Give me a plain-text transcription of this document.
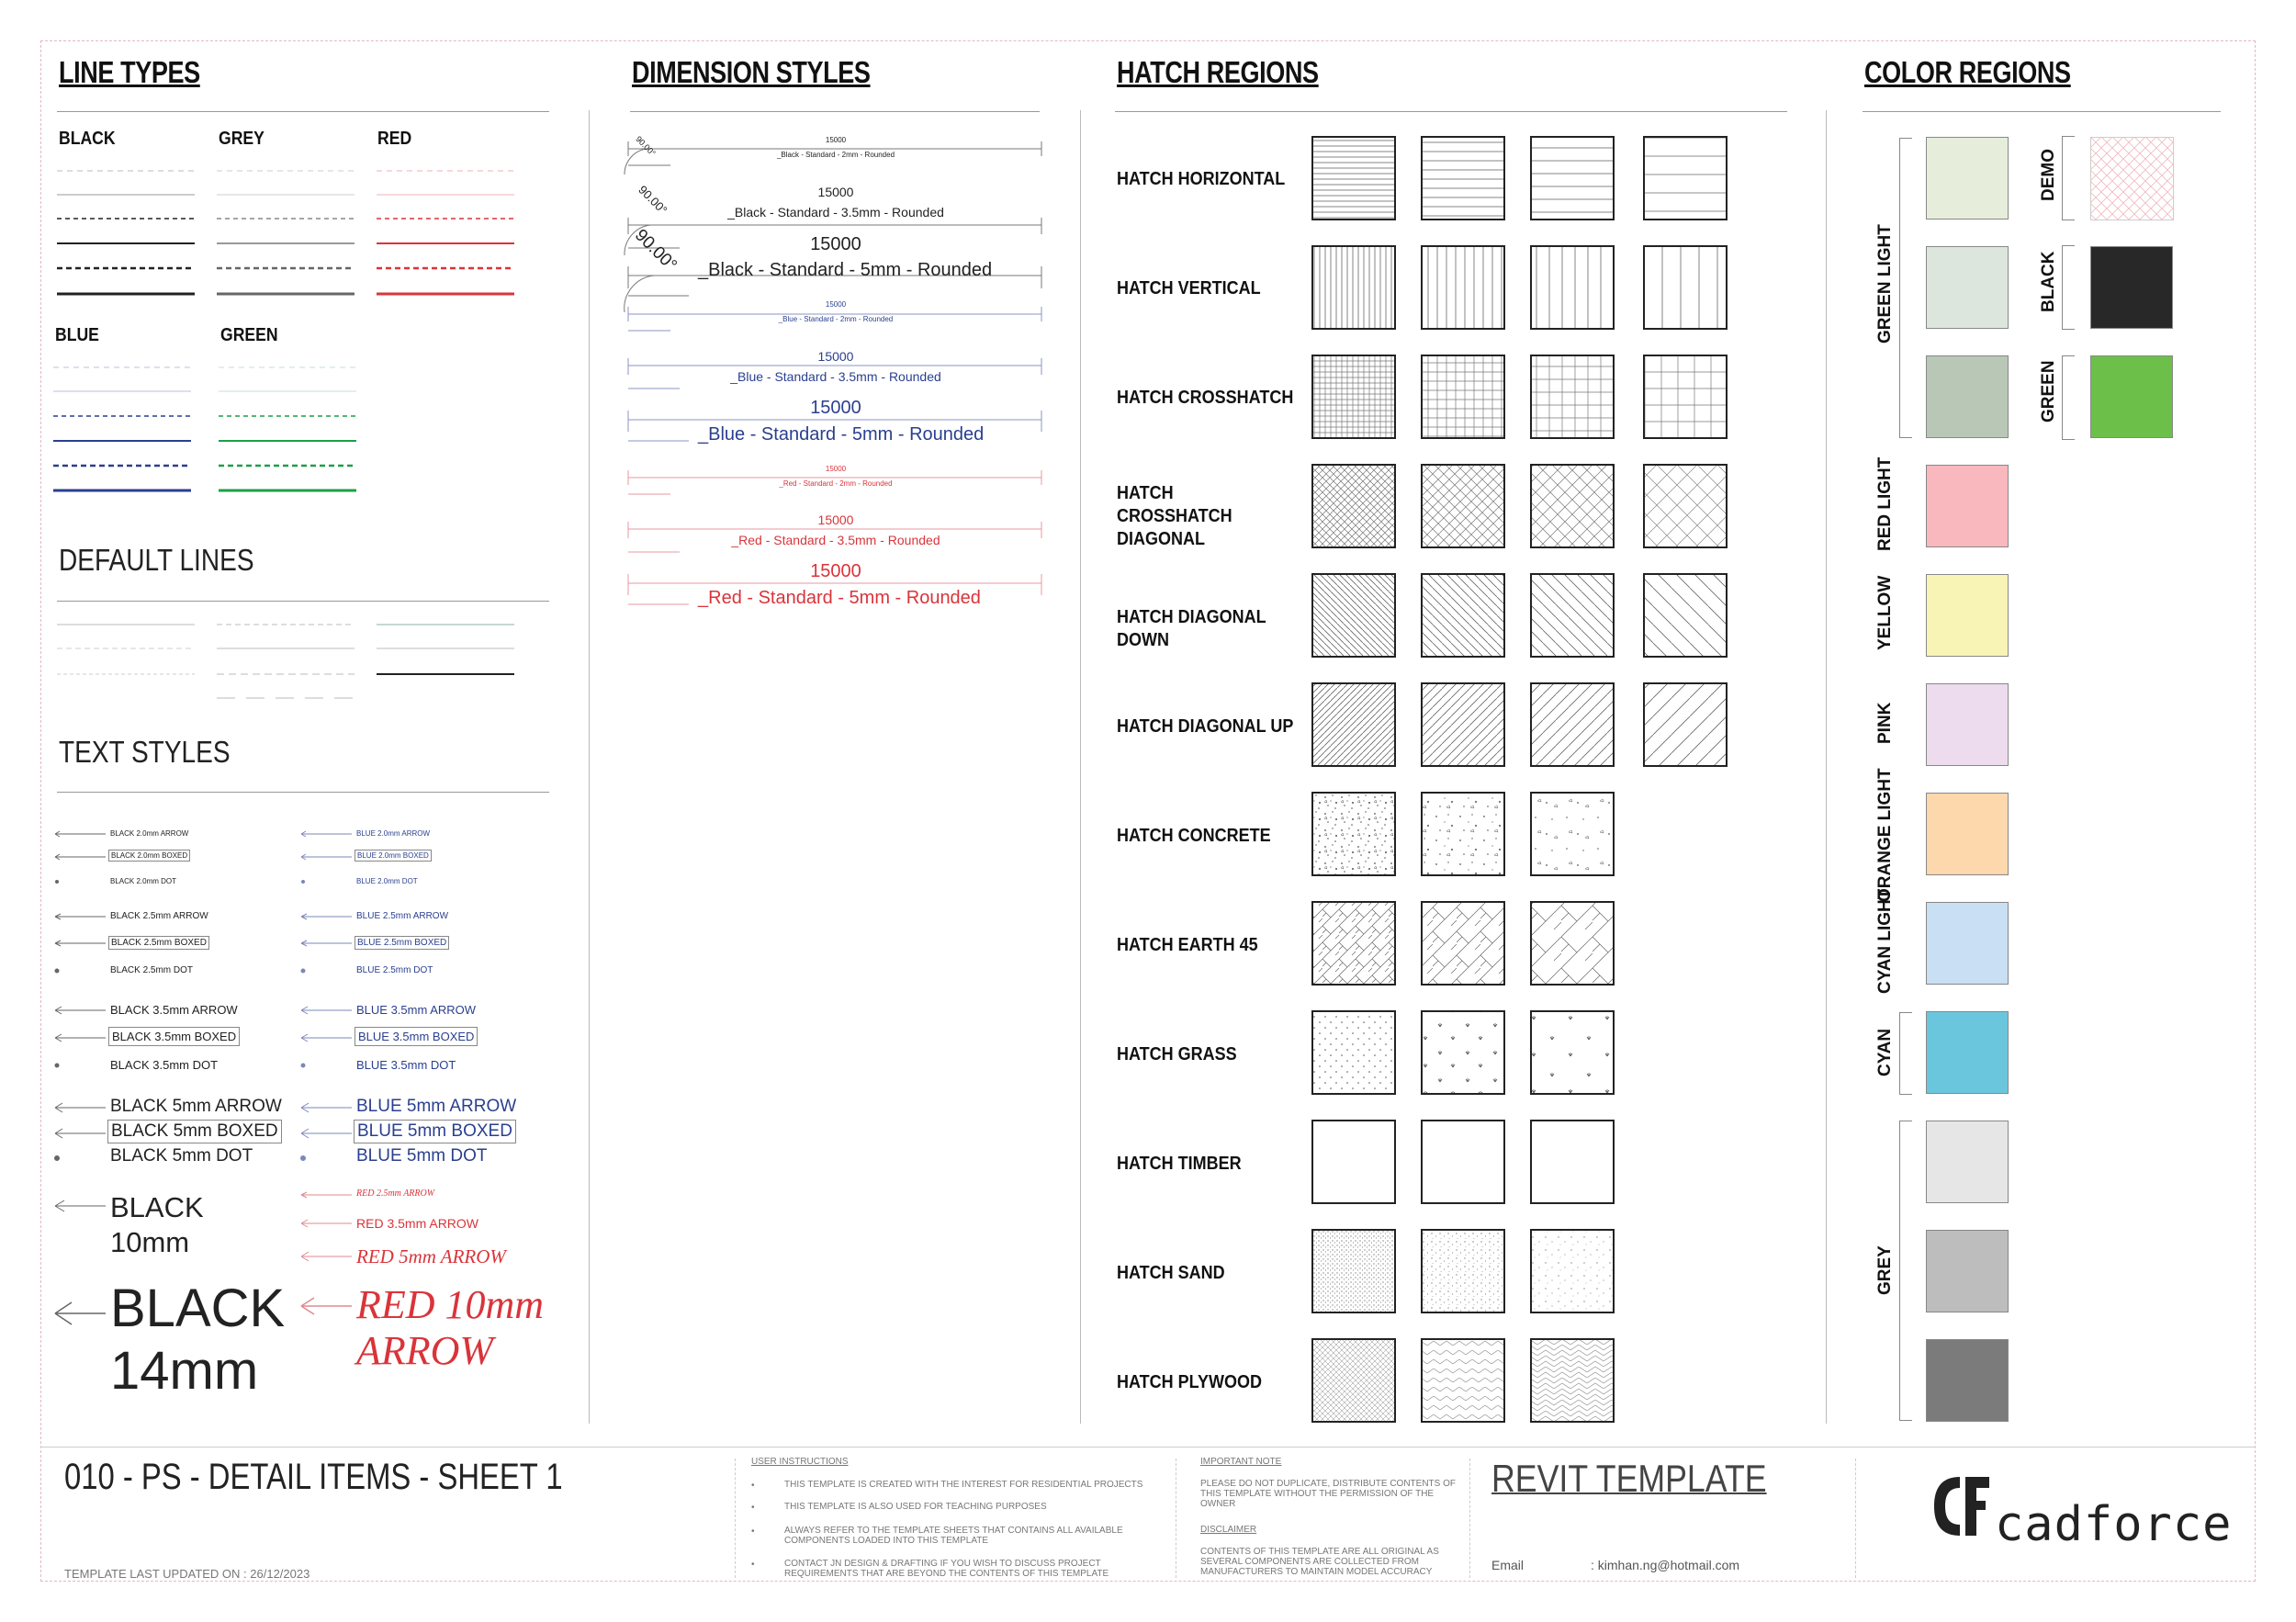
LINE TYPES
BLACK	GREY	RED
BLUE	GREEN
DEFAULT LINES
TEXT STYLES
BLACK 2.0mm ARROW
BLACK 2.0mm BOXED
BLACK 2.0mm DOT
BLACK 2.5mm ARROW
BLACK 2.5mm BOXED
BLACK 2.5mm DOT
BLACK 3.5mm ARROW
BLACK 3.5mm BOXED
BLACK 3.5mm DOT
BLACK 5mm ARROW
BLACK 5mm BOXED
BLACK 5mm DOT
BLACK
10mm
BLACK
14mm
BLUE 2.0mm ARROW
BLUE 2.0mm BOXED
BLUE 2.0mm DOT
BLUE 2.5mm ARROW
BLUE 2.5mm BOXED
BLUE 2.5mm DOT
BLUE 3.5mm ARROW
BLUE 3.5mm BOXED
BLUE 3.5mm DOT
BLUE 5mm ARROW
BLUE 5mm BOXED
BLUE 5mm DOT
RED 2.5mm ARROW
RED 3.5mm ARROW
RED 5mm ARROW
RED 10mm
ARROW
DIMENSION STYLES
90.00°
90.00°
90.00°
15000
_Black - Standard - 2mm - Rounded
15000
_Black - Standard - 3.5mm - Rounded
15000
_Black - Standard - 5mm - Rounded
15000
_Blue - Standard - 2mm - Rounded
15000
_Blue - Standard - 3.5mm - Rounded
15000
_Blue - Standard - 5mm - Rounded
15000
_Red - Standard - 2mm - Rounded
15000
_Red - Standard - 3.5mm - Rounded
15000
_Red - Standard - 5mm - Rounded
HATCH REGIONS
HATCH HORIZONTAL
HATCH VERTICAL
HATCH CROSSHATCH
HATCH CROSSHATCH DIAGONAL
HATCH DIAGONAL DOWN
HATCH DIAGONAL UP
HATCH CONCRETE
HATCH EARTH 45
HATCH GRASS
HATCH TIMBER
HATCH SAND
HATCH PLYWOOD
COLOR REGIONS
GREEN LIGHT
RED LIGHT
YELLOW
PINK
ORANGE LIGHT
CYAN LIGHT
CYAN
GREY
DEMO
BLACK
GREEN
010 - PS - DETAIL ITEMS - SHEET 1
TEMPLATE LAST UPDATED ON : 26/12/2023
USER INSTRUCTIONS
•	THIS TEMPLATE IS CREATED WITH THE INTEREST FOR RESIDENTIAL PROJECTS
•	THIS TEMPLATE IS ALSO USED FOR TEACHING PURPOSES
•	ALWAYS REFER TO THE TEMPLATE SHEETS THAT CONTAINS ALL AVAILABLE COMPONENTS LOADED INTO THIS TEMPLATE
•	CONTACT JN DESIGN & DRAFTING IF YOU WISH TO DISCUSS PROJECT REQUIREMENTS THAT ARE BEYOND THE CONTENTS OF THIS TEMPLATE
IMPORTANT NOTE
PLEASE DO NOT DUPLICATE, DISTRIBUTE CONTENTS OF THIS TEMPLATE WITHOUT THE PERMISSION OF THE OWNER
DISCLAIMER
CONTENTS OF THIS TEMPLATE ARE ALL ORIGINAL AS SEVERAL COMPONENTS ARE COLLECTED FROM MANUFACTURERS TO MAINTAIN MODEL ACCURACY
REVIT TEMPLATE
Email	: kimhan.ng@hotmail.com
cadforce
